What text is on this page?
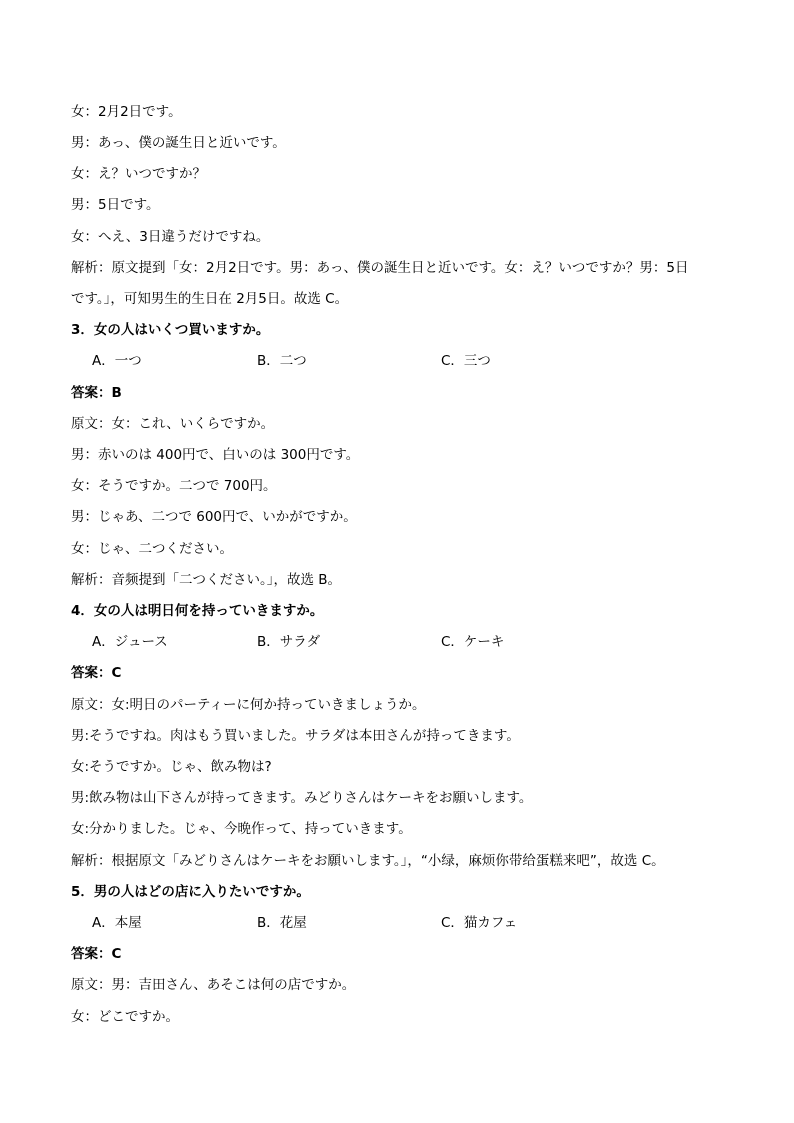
女：2月2日です。
男：あっ、僕の誕生日と近いです。
女：え？いつですか？
男：5日です。
女：へえ、3日違うだけですね。
解析：原文提到「女：2月2日です。男：あっ、僕の誕生日と近いです。女：え？いつですか？男：5日
です。」，可知男生的生日在 2月5日。故选 C。
3．女の人はいくつ買いますか。
A．一つ	B．二つ	C．三つ
答案：B
原文：女：これ、いくらですか。
男：赤いのは 400円で、白いのは 300円です。
女：そうですか。二つで 700円。
男：じゃあ、二つで 600円で、いかがですか。
女：じゃ、二つください。
解析：音频提到「二つください。」，故选 B。
4．女の人は明日何を持っていきますか。
A．ジュース	B．サラダ	C．ケーキ
答案：C
原文：女:明日のパーティーに何か持っていきましょうか。
男:そうですね。肉はもう買いました。サラダは本田さんが持ってきます。
女:そうですか。じゃ、飲み物は?
男:飲み物は山下さんが持ってきます。みどりさんはケーキをお願いします。
女:分かりました。じゃ、今晩作って、持っていきます。
解析：根据原文「みどりさんはケーキをお願いします。」，“小绿，麻烦你带给蛋糕来吧”，故选 C。
5．男の人はどの店に入りたいですか。
A．本屋	B．花屋	C．猫カフェ
答案：C
原文：男：吉田さん、あそこは何の店ですか。
女：どこですか。
